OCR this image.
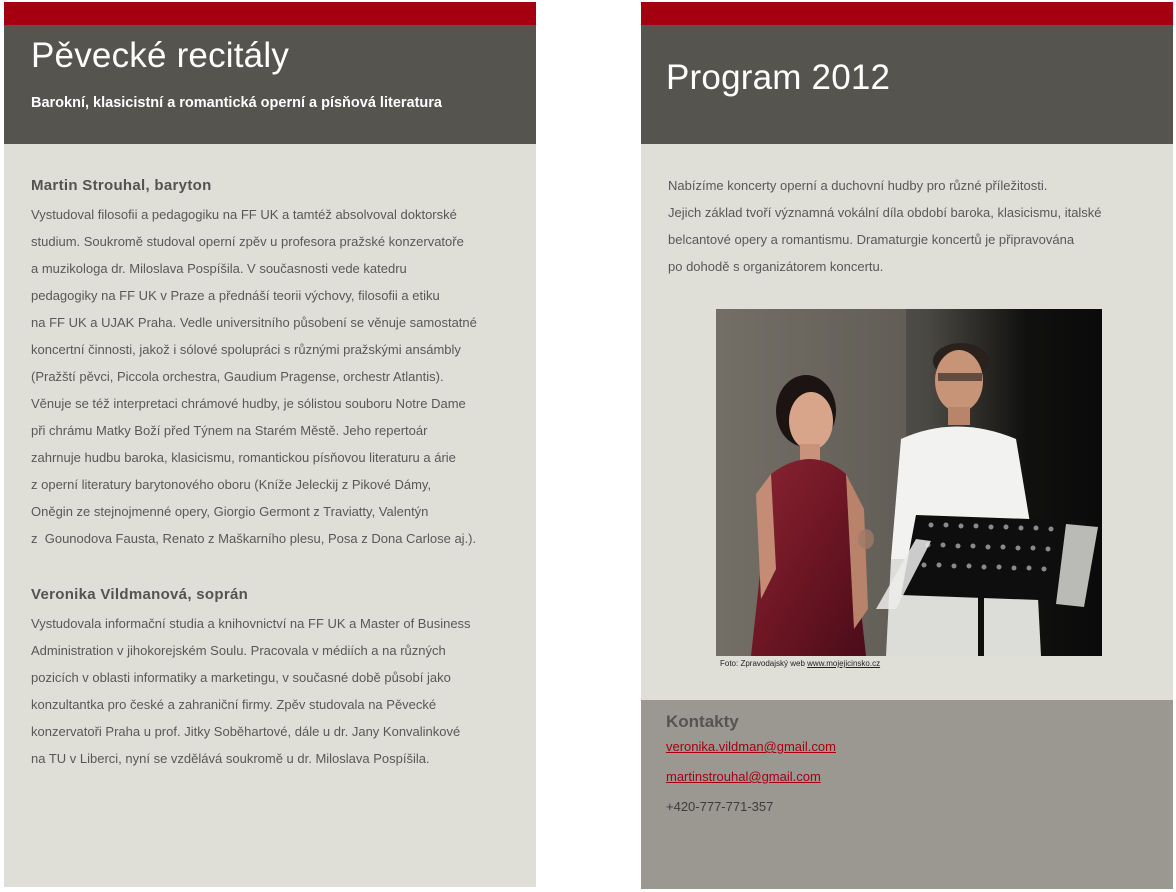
Pěvecké recitály

Barokní, klasicistní a romantická operní a písňová literatura

Martin Strouhal, baryton

Vystudoval filosofii a pedagogiku na FF UK a tamtéž absolvoval doktorské
studium. Soukromě studoval operní zpěv u profesora pražské konzervatoře
a muzikologa dr. Miloslava Pospíšila. V současnosti vede katedru
pedagogiky na FF UK v Praze a přednáší teorii výchovy, filosofii a etiku
na FF UK a UJAK Praha. Vedle universitního působení se věnuje samostatné
koncertní činnosti, jakož i sólové spolupráci s různými pražskými ansámbly
(Pražští pěvci, Piccola orchestra, Gaudium Pragense, orchestr Atlantis).
Věnuje se též interpretaci chrámové hudby, je sólistou souboru Notre Dame
při chrámu Matky Boží před Týnem na Starém Městě. Jeho repertoár
zahrnuje hudbu baroka, klasicismu, romantickou písňovou literaturu a árie
z operní literatury barytonového oboru (Kníže Jeleckij z Pikové Dámy,
Oněgin ze stejnojmenné opery, Giorgio Germont z Traviatty, Valentýn
z  Gounodova Fausta, Renato z Maškarního plesu, Posa z Dona Carlose aj.).

Veronika Vildmanová, soprán

Vystudovala informační studia a knihovnictví na FF UK a Master of Business
Administration v jihokorejském Soulu. Pracovala v médiích a na různých
pozicích v oblasti informatiky a marketingu, v současné době působí jako
konzultantka pro české a zahraniční firmy. Zpěv studovala na Pěvecké
konzervatoři Praha u prof. Jitky Soběhartové, dále u dr. Jany Konvalinkové
na TU v Liberci, nyní se vzdělává soukromě u dr. Miloslava Pospíšila.

Program 2012

Nabízíme koncerty operní a duchovní hudby pro různé příležitosti.

Jejich základ tvoří významná vokální díla období baroka, klasicismu, italské

belcantové opery a romantismu. Dramaturgie koncertů je připravována

po dohodě s organizátorem koncertu.

Foto: Zpravodajský web www.mojejicinsko.cz
Kontakty
veronika.vildman@gmail.com
martinstrouhal@gmail.com

+420-777-771-357
